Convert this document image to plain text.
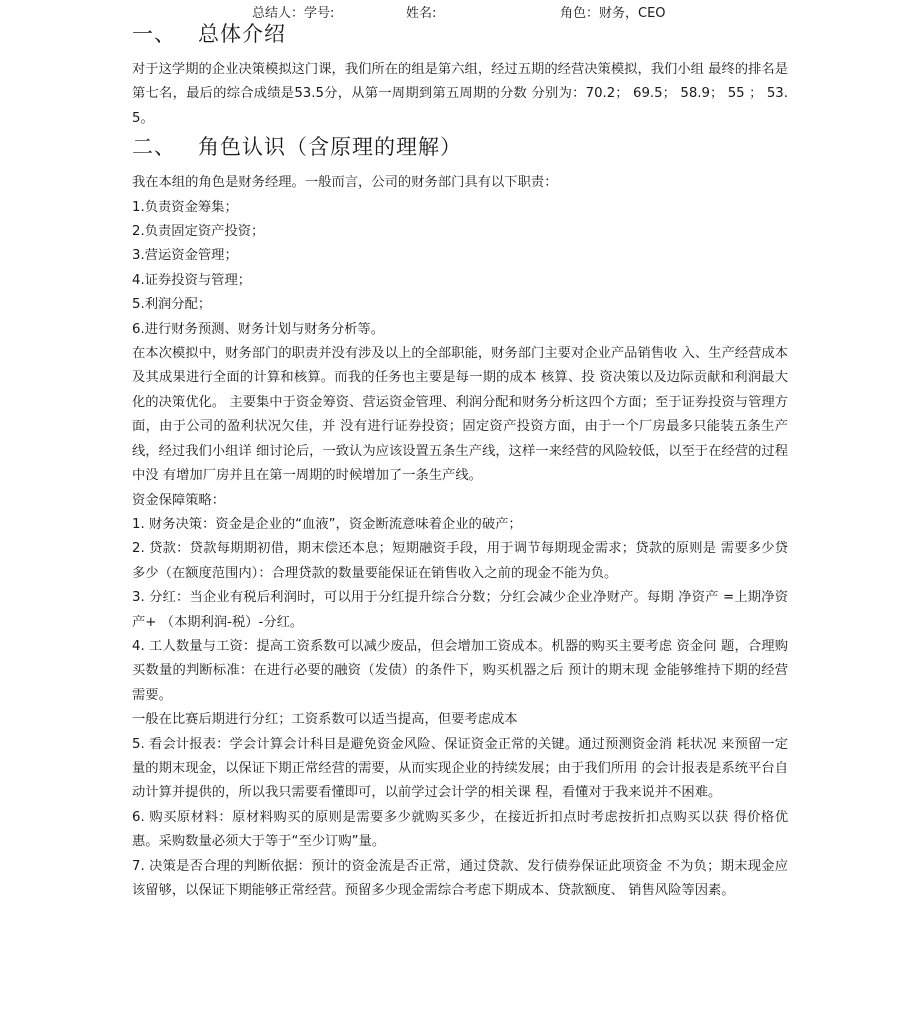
总结人：学号:	姓名:	角色：财务，CEO
一、 总体介绍

对于这学期的企业决策模拟这门课，我们所在的组是第六组，经过五期的经营决策模拟，我们小组 最终的排名是第七名，最后的综合成绩是53.5分，从第一周期到第五周期的分数 分别为：70.2； 69.5； 58.9； 55 ； 53.5。

二、 角色认识（含原理的理解）

我在本组的角色是财务经理。一般而言，公司的财务部门具有以下职责：

1.负责资金筹集；

2.负责固定资产投资；

3.营运资金管理；

4.证券投资与管理；

5.利润分配；

6.进行财务预测、财务计划与财务分析等。

在本次模拟中，财务部门的职责并没有涉及以上的全部职能，财务部门主要对企业产品销售收 入、生产经营成本及其成果进行全面的计算和核算。而我的任务也主要是每一期的成本 核算、投 资决策以及边际贡献和利润最大化的决策优化。 主要集中于资金筹资、营运资金管理、利润分配和财务分析这四个方面；至于证券投资与管理方面，由于公司的盈利状况欠佳，并 没有进行证券投资；固定资产投资方面，由于一个厂房最多只能装五条生产线，经过我们小组详 细讨论后，一致认为应该设置五条生产线，这样一来经营的风险较低，以至于在经营的过程中没 有增加厂房并且在第一周期的时候增加了一条生产线。

资金保障策略：

1. 财务决策：资金是企业的“血液”，资金断流意味着企业的破产；

2. 贷款：贷款每期期初借，期末偿还本息；短期融资手段，用于调节每期现金需求；贷款的原则是 需要多少贷多少（在额度范围内）：合理贷款的数量要能保证在销售收入之前的现金不能为负。

3. 分红：当企业有税后利润时，可以用于分红提升综合分数；分红会减少企业净财产。每期 净资产 =上期净资产+ （本期利润-税）-分红。

4. 工人数量与工资：提高工资系数可以减少废品，但会增加工资成本。机器的购买主要考虑 资金问 题，合理购买数量的判断标准：在进行必要的融资（发债）的条件下，购买机器之后 预计的期末现 金能够维持下期的经营需要。

一般在比赛后期进行分红；工资系数可以适当提高，但要考虑成本

5. 看会计报表：学会计算会计科目是避免资金风险、保证资金正常的关键。通过预测资金消 耗状况 来预留一定量的期末现金，以保证下期正常经营的需要，从而实现企业的持续发展；由于我们所用 的会计报表是系统平台自动计算并提供的，所以我只需要看懂即可，以前学过会计学的相关课 程，看懂对于我来说并不困难。

6. 购买原材料：原材料购买的原则是需要多少就购买多少，在接近折扣点时考虑按折扣点购买以获 得价格优惠。采购数量必须大于等于“至少订购”量。

7. 决策是否合理的判断依据：预计的资金流是否正常，通过贷款、发行债券保证此项资金 不为负；期末现金应该留够，以保证下期能够正常经营。预留多少现金需综合考虑下期成本、贷款额度、 销售风险等因素。
